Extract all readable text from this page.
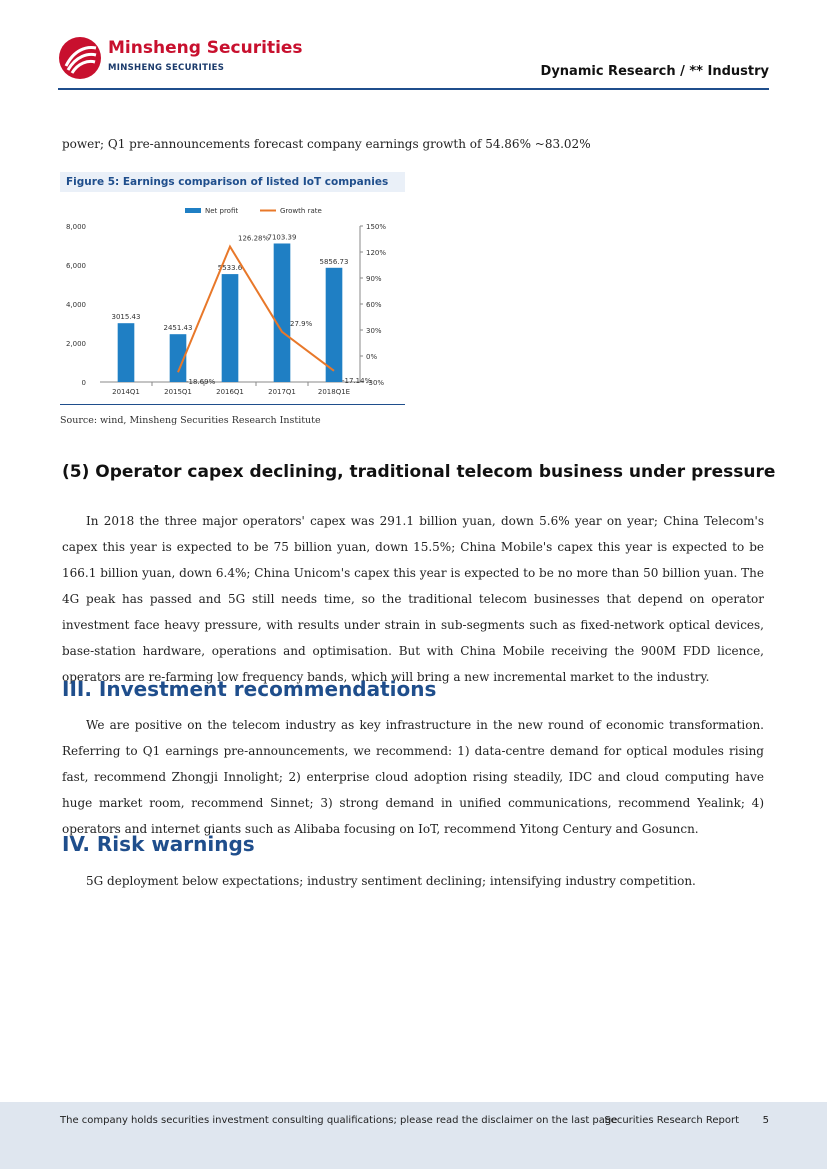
Minsheng Securities
MINSHENG SECURITIES	Dynamic Research / ** Industry
power; Q1 pre-announcements forecast company earnings growth of 54.86% ~83.02%
Figure 5: Earnings comparison of listed IoT companies
0
2,000
4,000
6,000
8,000
-30%
0%
30%
60%
90%
120%
150%
3015.43
2014Q1
2451.43
2015Q1
5533.6
2016Q1
7103.39
2017Q1
5856.73
2018Q1E
-18.69%
126.28%
27.9%
-17.14%
Net profit	Growth rate
Source: wind, Minsheng Securities Research Institute
(5) Operator capex declining, traditional telecom business under pressure
In 2018 the three major operators' capex was 291.1 billion yuan, down 5.6% year on year; China Telecom's capex this year is expected to be 75 billion yuan, down 15.5%; China Mobile's capex this year is expected to be 166.1 billion yuan, down 6.4%; China Unicom's capex this year is expected to be no more than 50 billion yuan. The 4G peak has passed and 5G still needs time, so the traditional telecom businesses that depend on operator investment face heavy pressure, with results under strain in sub-segments such as fixed-network optical devices, base-station hardware, operations and optimisation. But with China Mobile receiving the 900M FDD licence, operators are re-farming low frequency bands, which will bring a new incremental market to the industry.
III. Investment recommendations
We are positive on the telecom industry as key infrastructure in the new round of economic transformation. Referring to Q1 earnings pre-announcements, we recommend: 1) data-centre demand for optical modules rising fast, recommend Zhongji Innolight; 2) enterprise cloud adoption rising steadily, IDC and cloud computing have huge market room, recommend Sinnet; 3) strong demand in unified communications, recommend Yealink; 4) operators and internet giants such as Alibaba focusing on IoT, recommend Yitong Century and Gosuncn.
IV. Risk warnings
5G deployment below expectations; industry sentiment declining; intensifying industry competition.
The company holds securities investment consulting qualifications; please read the disclaimer on the last page
Securities Research Report 5
